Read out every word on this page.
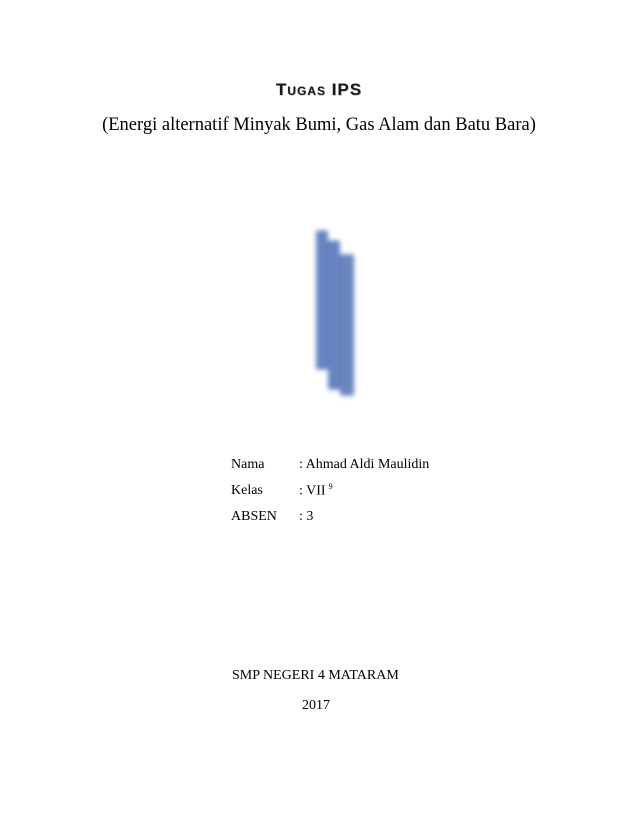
Tugas IPS
(Energi alternatif Minyak Bumi, Gas Alam dan Batu Bara)
Nama	: Ahmad Aldi Maulidin
Kelas	: VII $^9$
ABSEN	: 3
SMP NEGERI 4 MATARAM
2017
